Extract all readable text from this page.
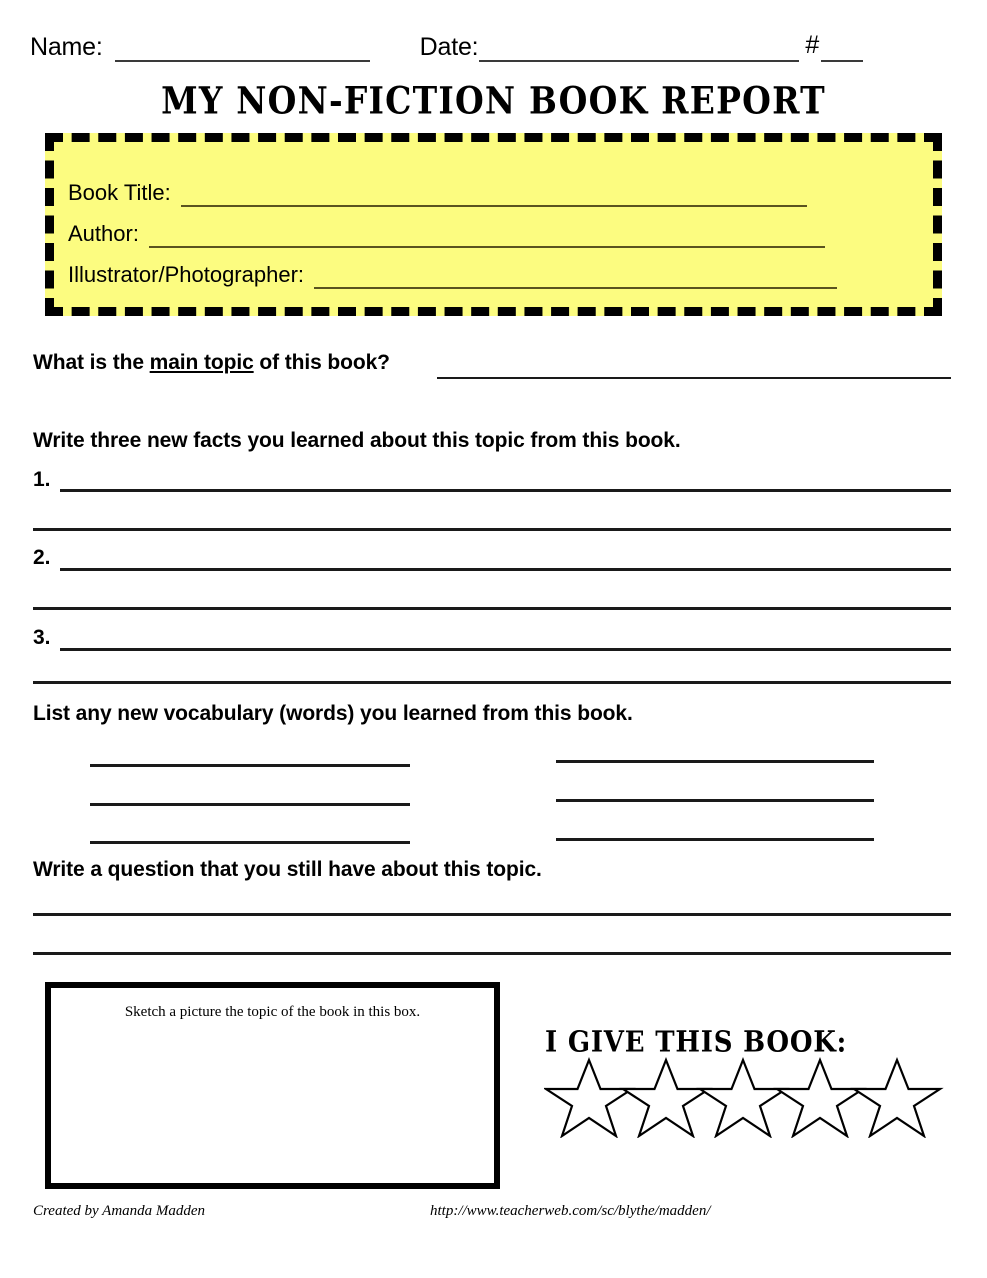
Name:	Date:	#
MY NON-FICTION BOOK REPORT
Book Title:
Author:
Illustrator/Photographer:
What is the main topic of this book?
Write three new facts you learned about this topic from this book.
1.
2.
3.
List any new vocabulary (words) you learned from this book.
Write a question that you still have about this topic.
Sketch a picture the topic of the book in this box.
I GIVE THIS BOOK:
Created by Amanda Madden	http://www.teacherweb.com/sc/blythe/madden/
